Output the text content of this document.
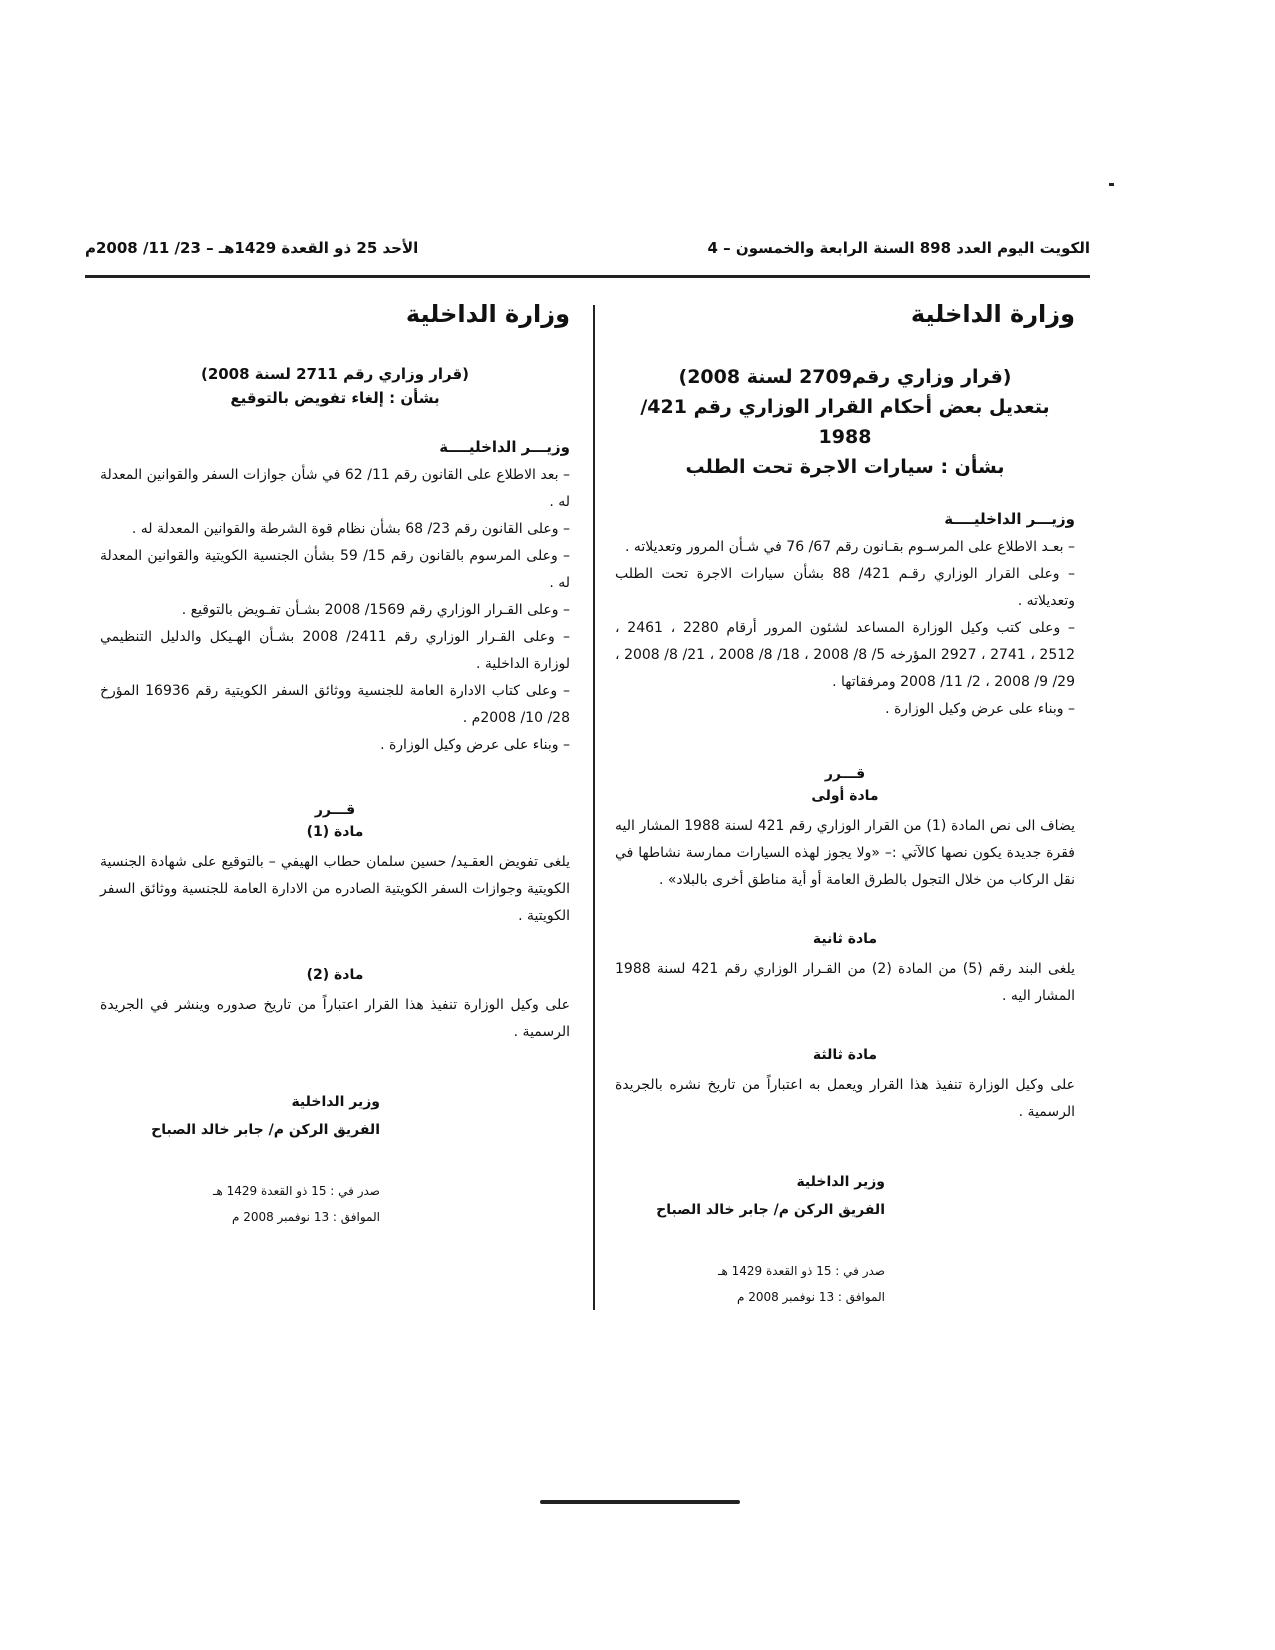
الكويت اليوم العدد 898 السنة الرابعة والخمسون – 4
الأحد 25 ذو القعدة 1429هـ – 23/ 11/ 2008م
وزارة الداخلية
(قرار وزاري رقم2709 لسنة 2008)
بتعديل بعض أحكام القرار الوزاري رقم 421/ 1988
بشأن : سيارات الاجرة تحت الطلب
وزيـــر الداخليــــة

– بعـد الاطلاع على المرسـوم بقـانون رقم 67/ 76 في شـأن المرور وتعديلاته .

– وعلى القرار الوزاري رقـم 421/ 88 بشأن سيارات الاجرة تحت الطلب وتعديلاته .

– وعلى كتب وكيل الوزارة المساعد لشئون المرور أرقام 2280 ، 2461 ، 2512 ، 2741 ، 2927 المؤرخه 5/ 8/ 2008 ، 18/ 8/ 2008 ، 21/ 8/ 2008 ، 29/ 9/ 2008 ، 2/ 11/ 2008 ومرفقاتها .

– وبناء على عرض وكيل الوزارة .

قـــرر
مادة أولى

يضاف الى نص المادة (1) من القرار الوزاري رقم 421 لسنة 1988 المشار اليه فقرة جديدة يكون نصها كالآتي :– «ولا يجوز لهذه السيارات ممارسة نشاطها في نقل الركاب من خلال التجول بالطرق العامة أو أية مناطق أخرى بالبلاد» .

مادة ثانية

يلغى البند رقم (5) من المادة (2) من القـرار الوزاري رقم 421 لسنة 1988 المشار اليه .

مادة ثالثة

على وكيل الوزارة تنفيذ هذا القرار ويعمل به اعتباراً من تاريخ نشره بالجريدة الرسمية .

وزير الداخلية
الفريق الركن م/ جابر خالد الصباح
صدر في : 15 ذو القعدة 1429 هـ
الموافق : 13 نوفمبر 2008 م
وزارة الداخلية
(قرار وزاري رقم 2711 لسنة 2008)
بشأن : إلغاء تفويض بالتوقيع
وزيـــر الداخليــــة

– بعد الاطلاع على القانون رقم 11/ 62 في شأن جوازات السفر والقوانين المعدلة له .

– وعلى القانون رقم 23/ 68 بشأن نظام قوة الشرطة والقوانين المعدلة له .

– وعلى المرسوم بالقانون رقم 15/ 59 بشأن الجنسية الكويتية والقوانين المعدلة له .

– وعلى القـرار الوزاري رقم 1569/ 2008 بشـأن تفـويض بالتوقيع .

– وعلى القـرار الوزاري رقم 2411/ 2008 بشـأن الهـيكل والدليل التنظيمي لوزارة الداخلية .

– وعلى كتاب الادارة العامة للجنسية ووثائق السفر الكويتية رقم 16936 المؤرخ 28/ 10/ 2008م .

– وبناء على عرض وكيل الوزارة .

قـــرر
مادة (1)

يلغى تفويض العقـيد/ حسين سلمان حطاب الهيفي – بالتوقيع على شهادة الجنسية الكويتية وجوازات السفر الكويتية الصادره من الادارة العامة للجنسية ووثائق السفر الكويتية .

مادة (2)

على وكيل الوزارة تنفيذ هذا القرار اعتباراً من تاريخ صدوره وينشر في الجريدة الرسمية .

وزير الداخلية
الفريق الركن م/ جابر خالد الصباح
صدر في : 15 ذو القعدة 1429 هـ
الموافق : 13 نوفمبر 2008 م
